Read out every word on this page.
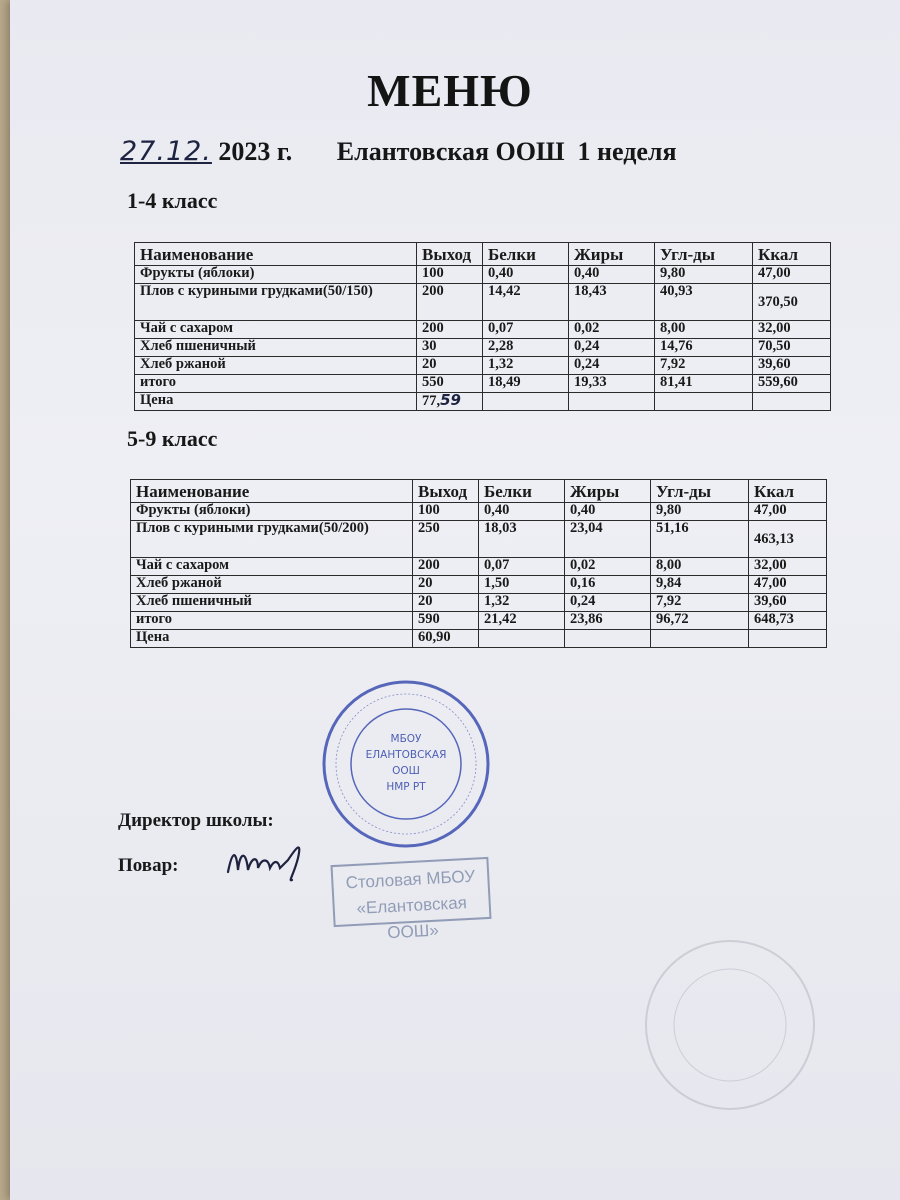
МЕНЮ
27.12. 2023 г. Елантовская ООШ 1 неделя
1-4 класс
Наименование	Выход	Белки	Жиры	Угл-ды	Ккал
Фрукты (яблоки)	100	0,40	0,40	9,80	47,00
Плов с куриными грудками(50/150)	200	14,42	18,43	40,93	370,50
Чай с сахаром	200	0,07	0,02	8,00	32,00
Хлеб пшеничный	30	2,28	0,24	14,76	70,50
Хлеб ржаной	20	1,32	0,24	7,92	39,60
итого	550	18,49	19,33	81,41	559,60
Цена	77,59				
5-9 класс
Наименование	Выход	Белки	Жиры	Угл-ды	Ккал
Фрукты (яблоки)	100	0,40	0,40	9,80	47,00
Плов с куриными грудками(50/200)	250	18,03	23,04	51,16	463,13
Чай с сахаром	200	0,07	0,02	8,00	32,00
Хлеб ржаной	20	1,50	0,16	9,84	47,00
Хлеб пшеничный	20	1,32	0,24	7,92	39,60
итого	590	21,42	23,86	96,72	648,73
Цена	60,90				
МБОУ
ЕЛАНТОВСКАЯ
ООШ
НМР РТ
Столовая МБОУ
«Елантовская ООШ»
Директор школы:
Повар:
